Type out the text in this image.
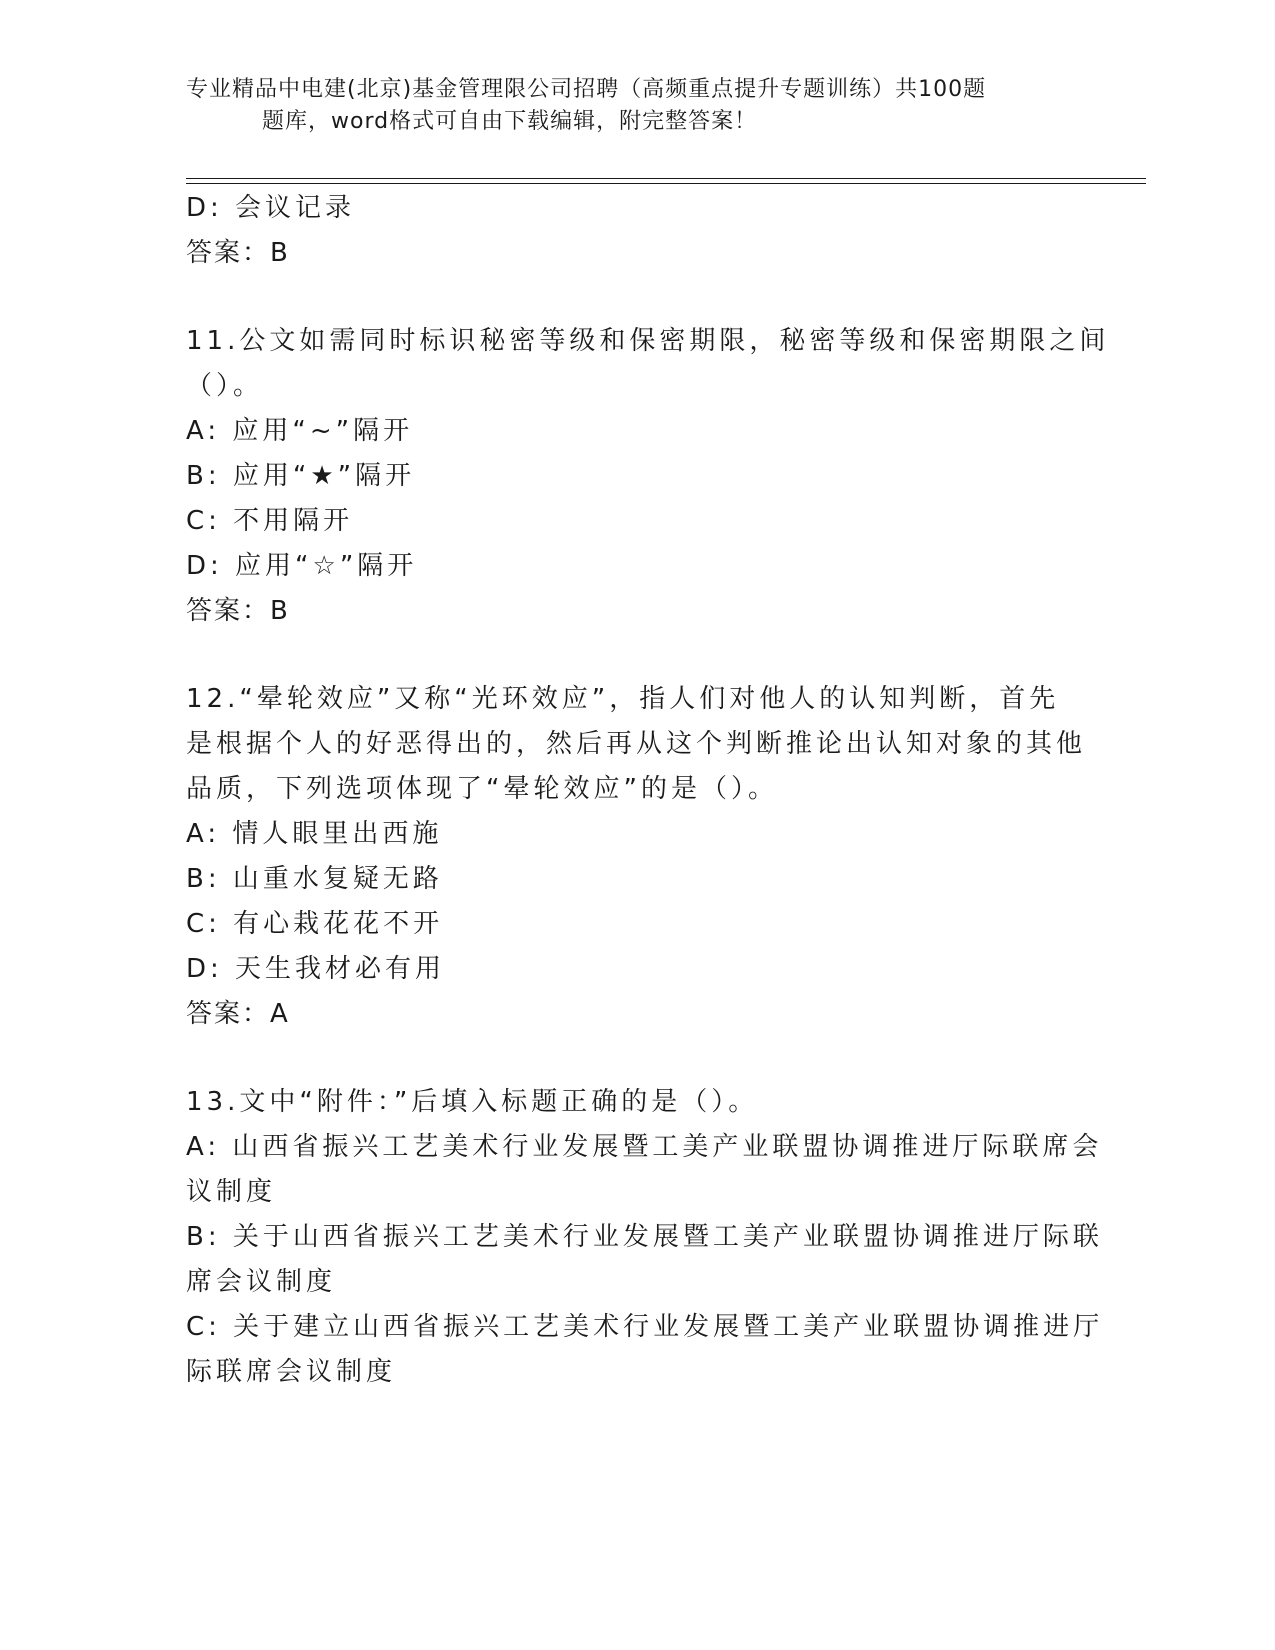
专业精品中电建(北京)基金管理限公司招聘（高频重点提升专题训练）共100题
题库，word格式可自由下载编辑，附完整答案！
D: 会议记录
答案：B
11.公文如需同时标识秘密等级和保密期限，秘密等级和保密期限之间
（）。
A: 应用“~”隔开
B: 应用“★”隔开
C: 不用隔开
D: 应用“☆”隔开
答案：B
12.“晕轮效应”又称“光环效应”，指人们对他人的认知判断，首先
是根据个人的好恶得出的，然后再从这个判断推论出认知对象的其他
品质，下列选项体现了“晕轮效应”的是（）。
A: 情人眼里出西施
B: 山重水复疑无路
C: 有心栽花花不开
D: 天生我材必有用
答案：A
13.文中“附件：”后填入标题正确的是（）。
A: 山西省振兴工艺美术行业发展暨工美产业联盟协调推进厅际联席会
议制度
B: 关于山西省振兴工艺美术行业发展暨工美产业联盟协调推进厅际联
席会议制度
C: 关于建立山西省振兴工艺美术行业发展暨工美产业联盟协调推进厅
际联席会议制度
